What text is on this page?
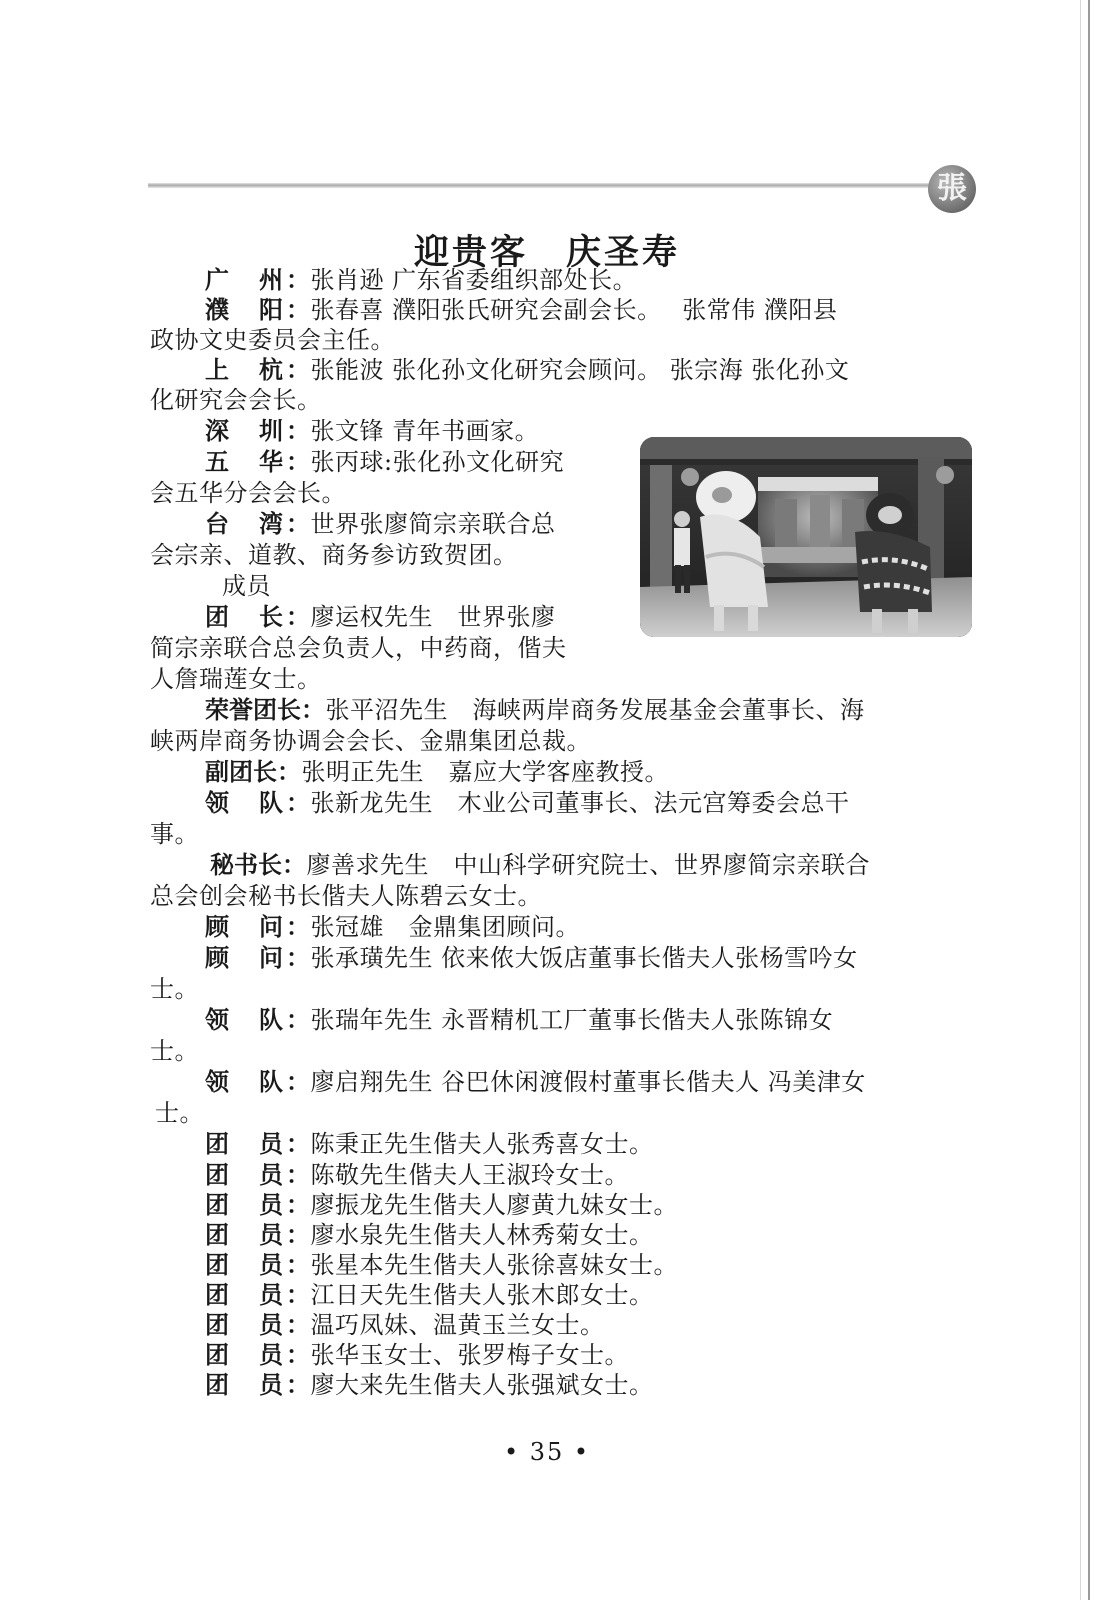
張
迎贵客　庆圣寿
广　州：张肖逊 广东省委组织部处长。
濮　阳：张春喜 濮阳张氏研究会副会长。　 张常伟 濮阳县
政协文史委员会主任。
上　杭：张能波 张化孙文化研究会顾问。 张宗海 张化孙文
化研究会会长。
深　圳：张文锋 青年书画家。
五　华：张丙球:张化孙文化研究
会五华分会会长。
台　湾：世界张廖简宗亲联合总
会宗亲、道教、商务参访致贺团。
成员
团　长：廖运权先生　世界张廖
简宗亲联合总会负责人，中药商，偕夫
人詹瑞莲女士。
荣誉团长：张平沼先生　海峡两岸商务发展基金会董事长、海
峡两岸商务协调会会长、金鼎集团总裁。
副团长：张明正先生　嘉应大学客座教授。
领　队：张新龙先生　木业公司董事长、法元宫筹委会总干
事。
秘书长：廖善求先生　中山科学研究院士、世界廖简宗亲联合
总会创会秘书长偕夫人陈碧云女士。
顾　问：张冠雄　金鼎集团顾问。
顾　问：张承璜先生 依来侬大饭店董事长偕夫人张杨雪吟女
士。
领　队：张瑞年先生 永晋精机工厂董事长偕夫人张陈锦女
士。
领　队：廖启翔先生 谷巴休闲渡假村董事长偕夫人 冯美津女
士。
团　员：陈秉正先生偕夫人张秀喜女士。
团　员：陈敬先生偕夫人王淑玲女士。
团　员：廖振龙先生偕夫人廖黄九妹女士。
团　员：廖水泉先生偕夫人林秀菊女士。
团　员：张星本先生偕夫人张徐喜妹女士。
团　员：江日天先生偕夫人张木郎女士。
团　员：温巧凤妹、温黄玉兰女士。
团　员：张华玉女士、张罗梅子女士。
团　员：廖大来先生偕夫人张强斌女士。
• 35 •
